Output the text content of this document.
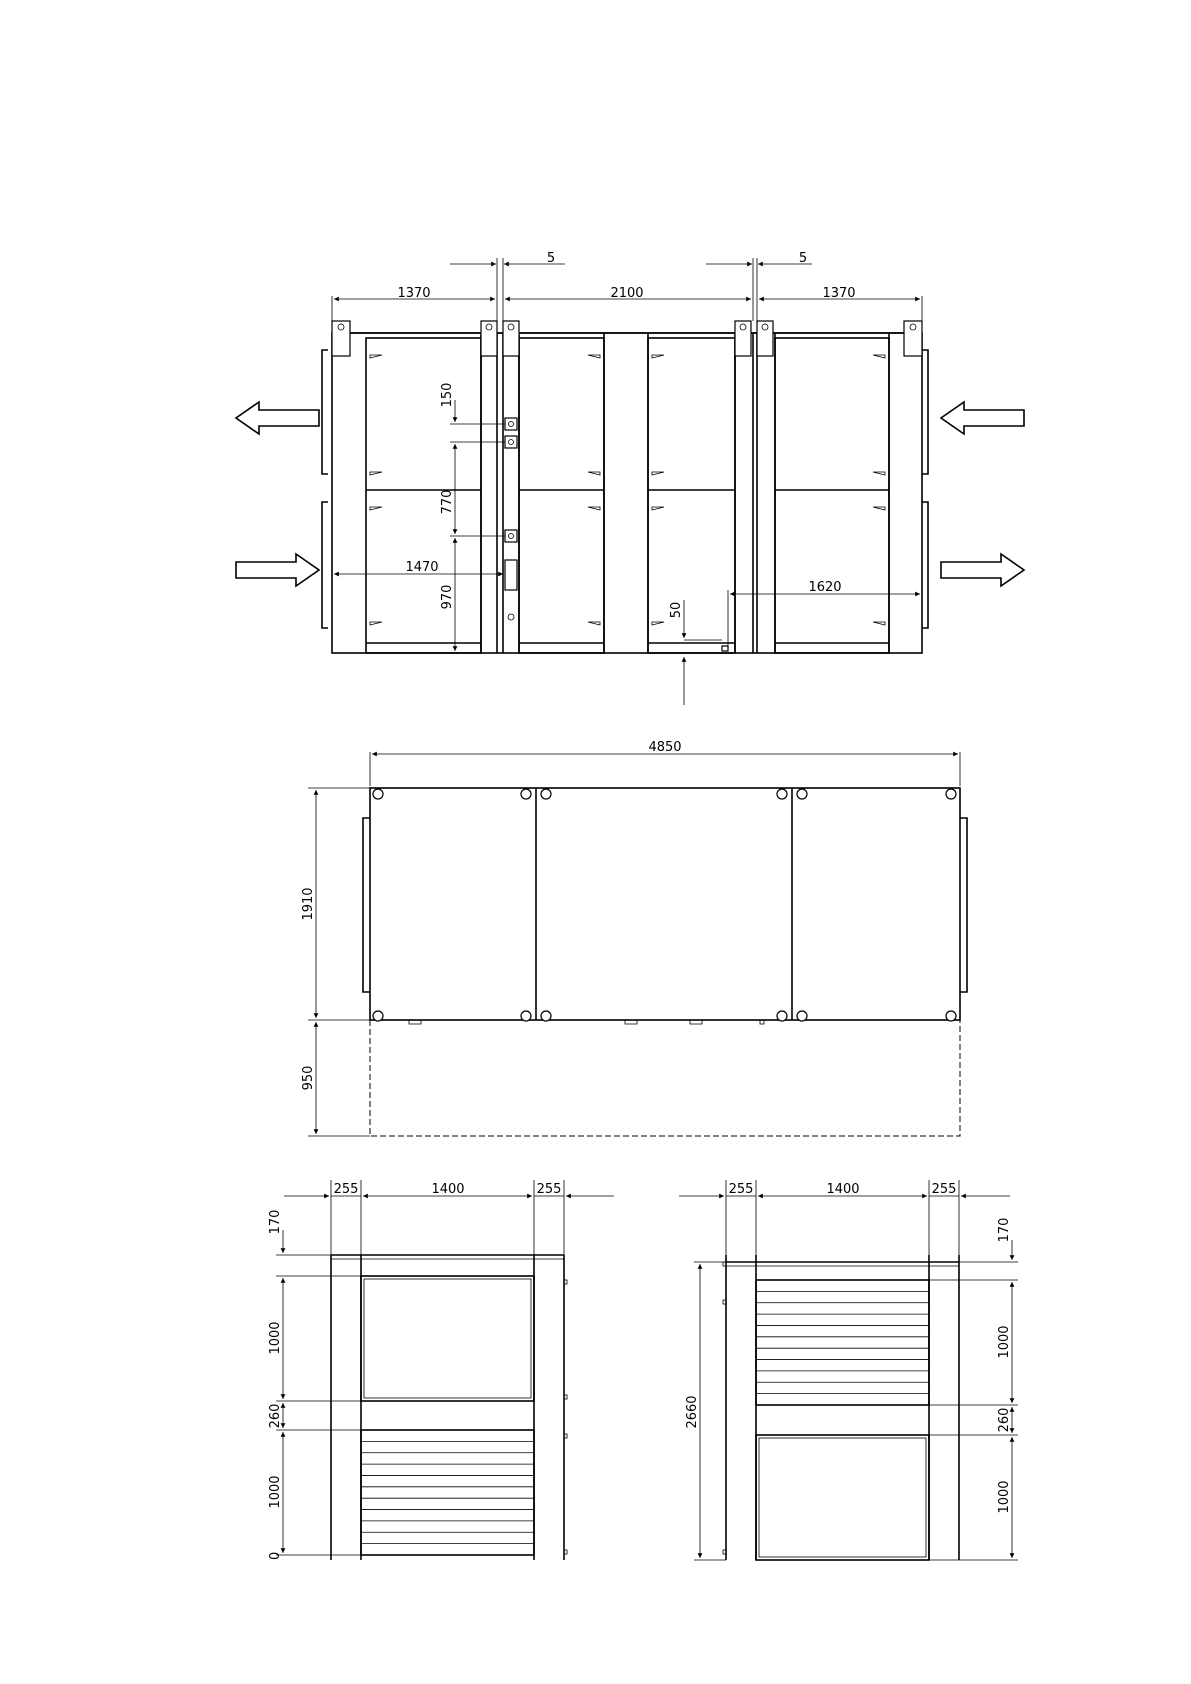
5	5
1370	2100	1370
150
770
970
1470
1620
50
4850
1910
950
255	1400	255
170
1000
260
1000
0
255	1400	255
170
1000
260
1000
2660
